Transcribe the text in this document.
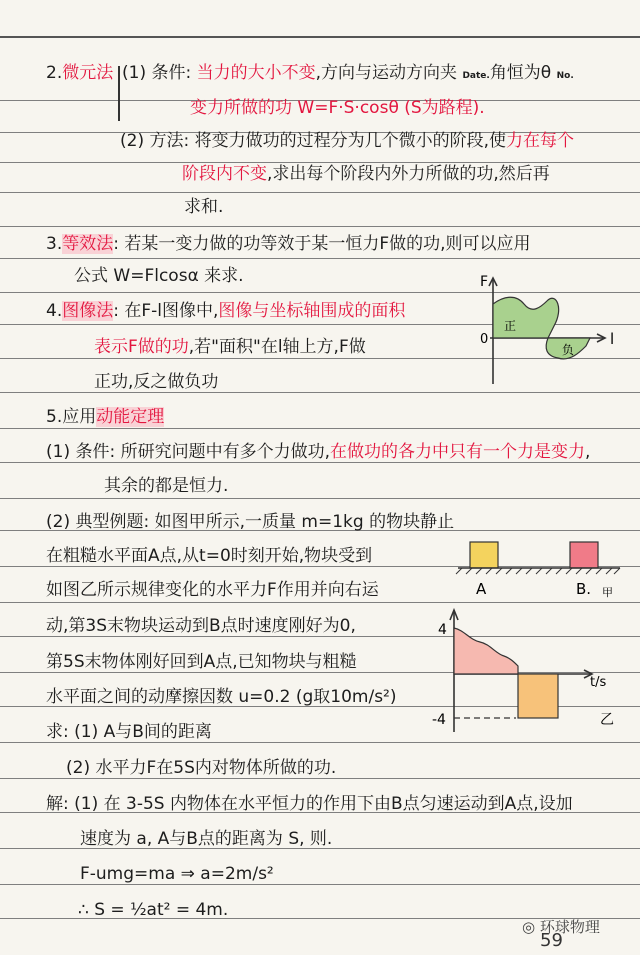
2.微元法 (1) 条件: 当力的大小不变,方向与运动方向夹 Date.角恒为θ No.
变力所做的功 W=F·S·cosθ (S为路程).
(2) 方法: 将变力做功的过程分为几个微小的阶段,使力在每个
阶段内不变,求出每个阶段内外力所做的功,然后再
求和.
3.等效法: 若某一变力做的功等效于某一恒力F做的功,则可以应用
公式 W=Flcosα 来求.
4.图像法: 在F-l图像中,图像与坐标轴围成的面积
表示F做的功,若"面积"在l轴上方,F做
正功,反之做负功
F
l
0
正
负
5.应用动能定理
(1) 条件: 所研究问题中有多个力做功,在做功的各力中只有一个力是变力,
其余的都是恒力.
(2) 典型例题: 如图甲所示,一质量 m=1kg 的物块静止
在粗糙水平面A点,从t=0时刻开始,物块受到
如图乙所示规律变化的水平力F作用并向右运
动,第3S末物块运动到B点时速度刚好为0,
第5S末物体刚好回到A点,已知物块与粗糙
水平面之间的动摩擦因数 u=0.2 (g取10m/s²)
求: (1) A与B间的距离
(2) 水平力F在5S内对物体所做的功.
A	B. 甲
4
-4
t/s
乙
解: (1) 在 3-5S 内物体在水平恒力的作用下由B点匀速运动到A点,设加
速度为 a, A与B点的距离为 S, 则.
F-umg=ma ⇒ a=2m/s²
∴ S = ½at² = 4m.
◎ 环球物理
59
